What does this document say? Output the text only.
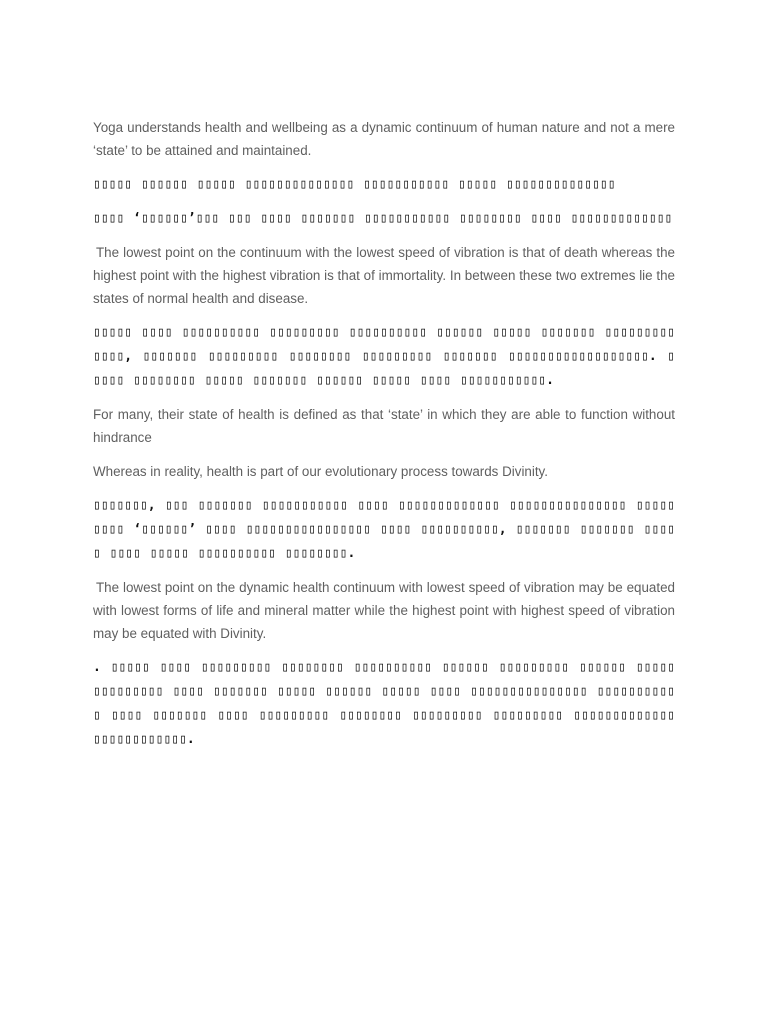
Yoga understands health and wellbeing as a dynamic continuum of human nature and not a mere ‘state’ to be attained and maintained.

▯▯▯▯▯ ▯▯▯▯▯▯ ▯▯▯▯▯ ▯▯▯▯▯▯▯▯▯▯▯▯▯▯ ▯▯▯▯▯▯▯▯▯▯▯ ▯▯▯▯▯ ▯▯▯▯▯▯▯▯▯▯▯▯▯▯

▯▯▯▯ ‘▯▯▯▯▯▯’▯▯▯ ▯▯▯ ▯▯▯▯ ▯▯▯▯▯▯▯ ▯▯▯▯▯▯▯▯▯▯▯ ▯▯▯▯▯▯▯▯ ▯▯▯▯ ▯▯▯▯▯▯▯▯▯▯▯▯▯

The lowest point on the continuum with the lowest speed of vibration is that of death whereas the highest point with the highest vibration is that of immortality. In between these two extremes lie the states of normal health and disease.

▯▯▯▯▯ ▯▯▯▯ ▯▯▯▯▯▯▯▯▯▯ ▯▯▯▯▯▯▯▯▯ ▯▯▯▯▯▯▯▯▯▯ ▯▯▯▯▯▯ ▯▯▯▯▯ ▯▯▯▯▯▯▯ ▯▯▯▯▯▯▯▯▯▯▯▯▯, ▯▯▯▯▯▯▯ ▯▯▯▯▯▯▯▯▯ ▯▯▯▯▯▯▯▯ ▯▯▯▯▯▯▯▯▯ ▯▯▯▯▯▯▯ ▯▯▯▯▯▯▯▯▯▯▯▯▯▯▯▯▯▯. ▯ ▯▯▯▯ ▯▯▯▯▯▯▯▯ ▯▯▯▯▯ ▯▯▯▯▯▯▯ ▯▯▯▯▯▯ ▯▯▯▯▯ ▯▯▯▯ ▯▯▯▯▯▯▯▯▯▯▯.

For many, their state of health is defined as that ‘state’ in which they are able to function without hindrance

Whereas in reality, health is part of our evolutionary process towards Divinity.

▯▯▯▯▯▯▯, ▯▯▯ ▯▯▯▯▯▯▯ ▯▯▯▯▯▯▯▯▯▯▯ ▯▯▯▯ ▯▯▯▯▯▯▯▯▯▯▯▯▯ ▯▯▯▯▯▯▯▯▯▯▯▯▯▯▯ ▯▯▯▯▯▯▯▯▯ ‘▯▯▯▯▯▯’ ▯▯▯▯ ▯▯▯▯▯▯▯▯▯▯▯▯▯▯▯▯ ▯▯▯▯ ▯▯▯▯▯▯▯▯▯▯, ▯▯▯▯▯▯▯ ▯▯▯▯▯▯▯ ▯▯▯▯▯ ▯▯▯▯ ▯▯▯▯▯ ▯▯▯▯▯▯▯▯▯▯ ▯▯▯▯▯▯▯▯.

The lowest point on the dynamic health continuum with lowest speed of vibration may be equated with lowest forms of life and mineral matter while the highest point with highest speed of vibration may be equated with Divinity.

. ▯▯▯▯▯ ▯▯▯▯ ▯▯▯▯▯▯▯▯▯ ▯▯▯▯▯▯▯▯ ▯▯▯▯▯▯▯▯▯▯ ▯▯▯▯▯▯ ▯▯▯▯▯▯▯▯▯ ▯▯▯▯▯▯ ▯▯▯▯▯ ▯▯▯▯▯▯▯▯▯ ▯▯▯▯ ▯▯▯▯▯▯▯ ▯▯▯▯▯ ▯▯▯▯▯▯ ▯▯▯▯▯ ▯▯▯▯ ▯▯▯▯▯▯▯▯▯▯▯▯▯▯▯ ▯▯▯▯▯▯▯▯▯▯▯ ▯▯▯▯ ▯▯▯▯▯▯▯ ▯▯▯▯ ▯▯▯▯▯▯▯▯▯ ▯▯▯▯▯▯▯▯ ▯▯▯▯▯▯▯▯▯ ▯▯▯▯▯▯▯▯▯ ▯▯▯▯▯▯▯▯▯▯▯▯▯ ▯▯▯▯▯▯▯▯▯▯▯▯.
